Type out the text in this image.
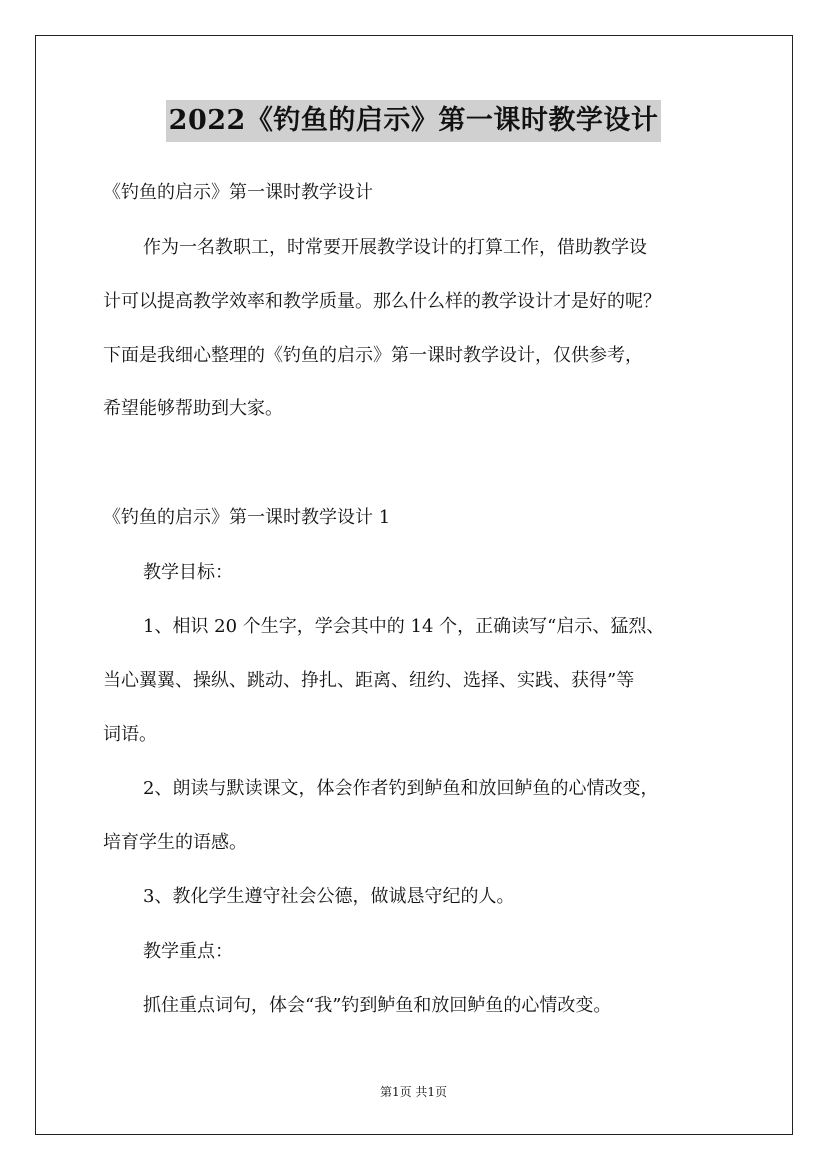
2022《钓鱼的启示》第一课时教学设计
《钓鱼的启示》第一课时教学设计
作为一名教职工，时常要开展教学设计的打算工作，借助教学设
计可以提高教学效率和教学质量。那么什么样的教学设计才是好的呢？
下面是我细心整理的《钓鱼的启示》第一课时教学设计，仅供参考，
希望能够帮助到大家。
《钓鱼的启示》第一课时教学设计 1
教学目标：
1、相识 20 个生字，学会其中的 14 个，正确读写“启示、猛烈、
当心翼翼、操纵、跳动、挣扎、距离、纽约、选择、实践、获得”等
词语。
2、朗读与默读课文，体会作者钓到鲈鱼和放回鲈鱼的心情改变，
培育学生的语感。
3、教化学生遵守社会公德，做诚恳守纪的人。
教学重点：
抓住重点词句，体会“我”钓到鲈鱼和放回鲈鱼的心情改变。
第1页 共1页
